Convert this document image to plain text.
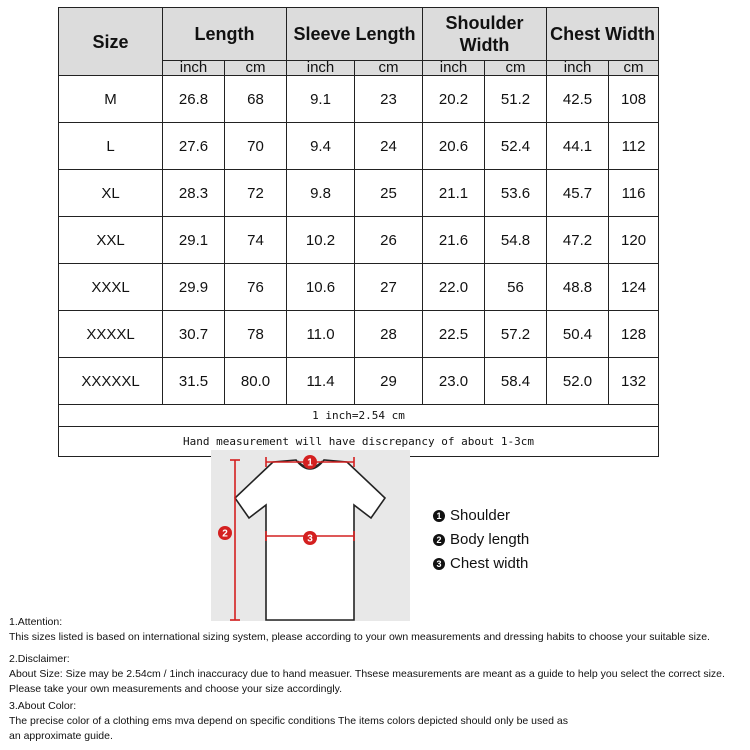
Size	Length		Sleeve Length		Shoulder Width		Chest Width	
	inch	cm	inch	cm	inch	cm	inch	cm
M	26.8	68	9.1	23	20.2	51.2	42.5	108
L	27.6	70	9.4	24	20.6	52.4	44.1	112
XL	28.3	72	9.8	25	21.1	53.6	45.7	116
XXL	29.1	74	10.2	26	21.6	54.8	47.2	120
XXXL	29.9	76	10.6	27	22.0	56	48.8	124
XXXXL	30.7	78	11.0	28	22.5	57.2	50.4	128
XXXXXL	31.5	80.0	11.4	29	23.0	58.4	52.0	132
1 inch=2.54 cm								
Hand measurement will have discrepancy of about 1-3cm								
1
2	3
1 Shoulder
2 Body length
3 Chest width
1.Attention:
This sizes listed is based on international sizing system, please according to your own measurements and dressing habits to choose your suitable size.
2.Disclaimer:
About Size: Size may be 2.54cm / 1inch inaccuracy due to hand measuer. Thsese measurements are meant as a guide to help you select the correct size.
Please take your own measurements and choose your size accordingly.
3.About Color:
The precise color of a clothing ems mva depend on specific conditions The items colors depicted should only be used as
an approximate guide.
